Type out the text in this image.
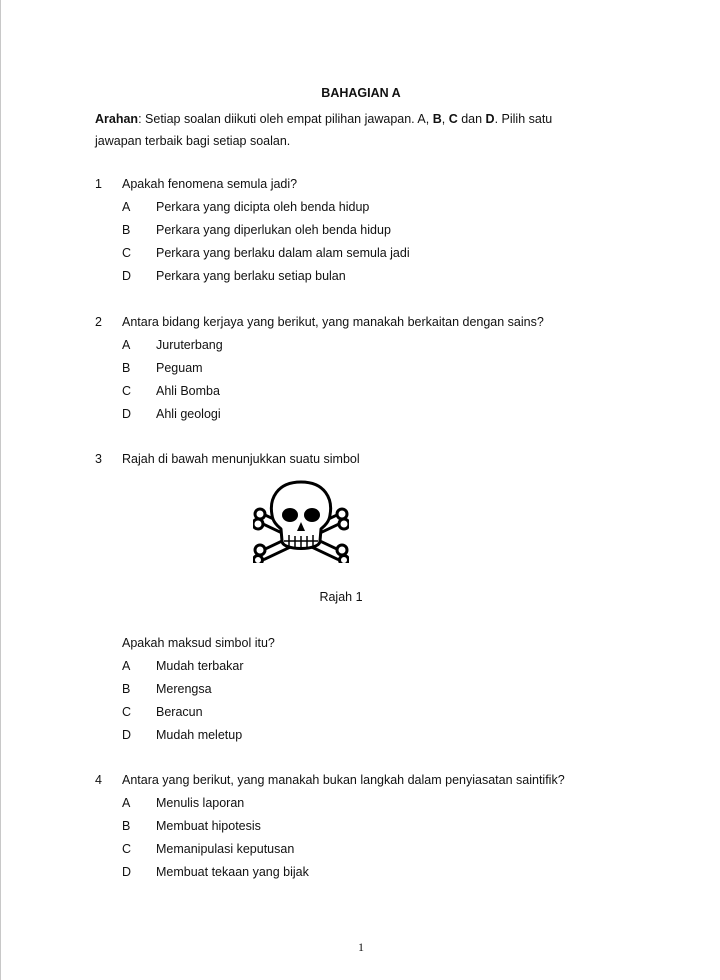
BAHAGIAN A
Arahan: Setiap soalan diikuti oleh empat pilihan jawapan. A, B, C dan D. Pilih satu jawapan terbaik bagi setiap soalan.
1 Apakah fenomena semula jadi?
A Perkara yang dicipta oleh benda hidup
B Perkara yang diperlukan oleh benda hidup
C Perkara yang berlaku dalam alam semula jadi
D Perkara yang berlaku setiap bulan
2 Antara bidang kerjaya yang berikut, yang manakah berkaitan dengan sains?
A Juruterbang
B Peguam
C Ahli Bomba
D Ahli geologi
3 Rajah di bawah menunjukkan suatu simbol
Rajah 1
Apakah maksud simbol itu?
A Mudah terbakar
B Merengsa
C Beracun
D Mudah meletup
4 Antara yang berikut, yang manakah bukan langkah dalam penyiasatan saintifik?
A Menulis laporan
B Membuat hipotesis
C Memanipulasi keputusan
D Membuat tekaan yang bijak
1
